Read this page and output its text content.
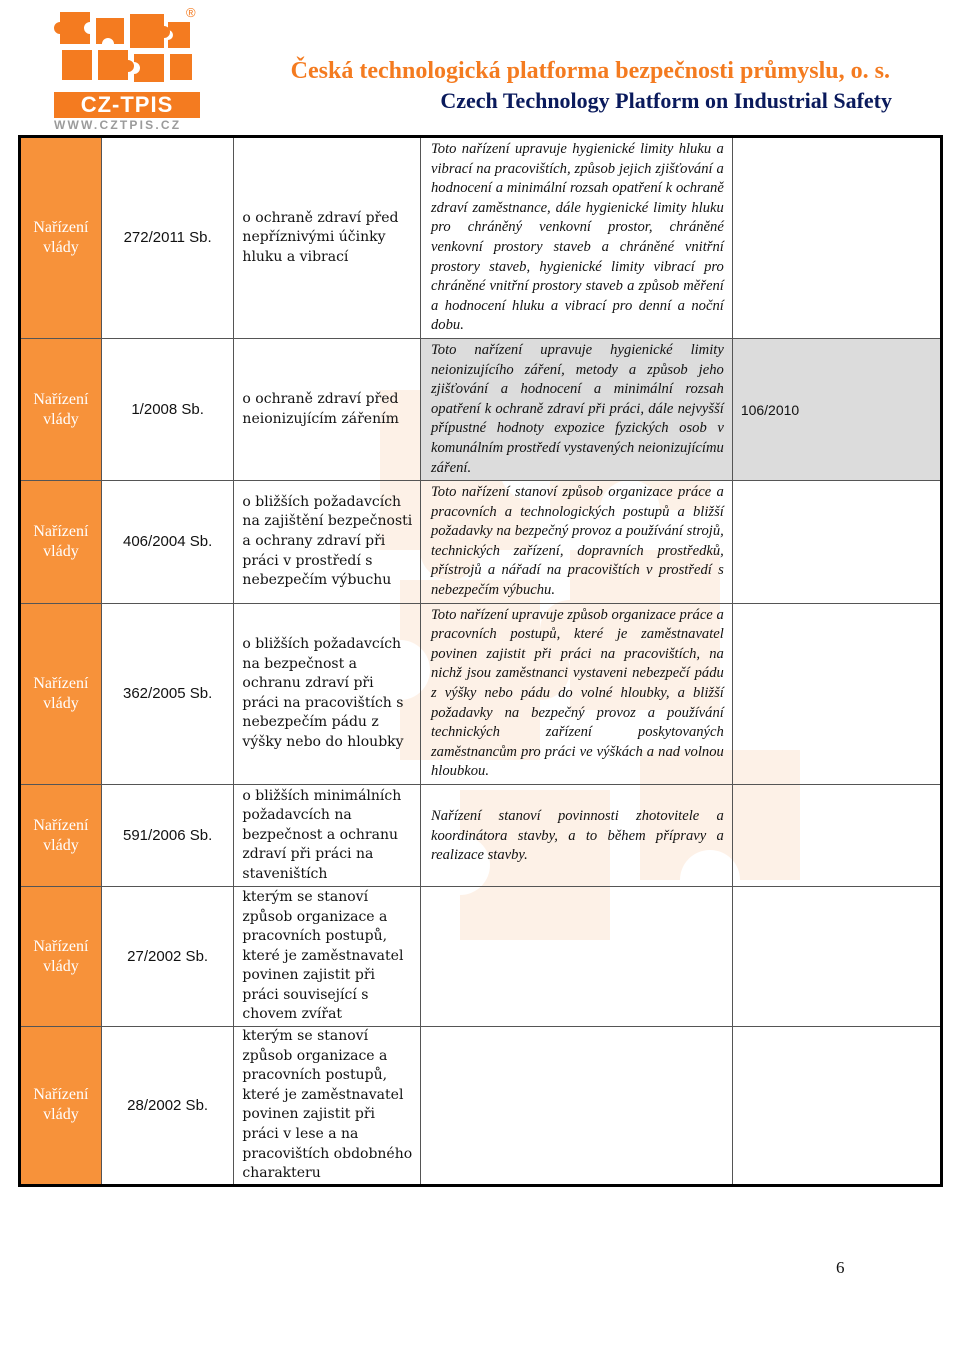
CZ-TPIS
WWW.CZTPIS.CZ
®
Česká technologická platforma bezpečnosti průmyslu, o. s.
Czech Technology Platform on Industrial Safety
Nařízení vlády	272/2011 Sb.	o ochraně zdraví před nepříznivými účinky hluku a vibrací	Toto nařízení upravuje hygienické limity hluku a vibrací na pracovištích, způsob jejich zjišťování a hodnocení a minimální rozsah opatření k ochraně zdraví zaměstnance, dále hygienické limity hluku pro chráněný venkovní prostor, chráněné venkovní prostory staveb a chráněné vnitřní prostory staveb, hygienické limity vibrací pro chráněné vnitřní prostory staveb a způsob měření a hodnocení hluku a vibrací pro denní a noční dobu.	
Nařízení vlády	1/2008 Sb.	o ochraně zdraví před neionizujícím zářením	Toto nařízení upravuje hygienické limity neionizujícího záření, metody a způsob jeho zjišťování a hodnocení a minimální rozsah opatření k ochraně zdraví při práci, dále nejvyšší přípustné hodnoty expozice fyzických osob v komunálním prostředí vystavených neionizujícímu záření.	106/2010
Nařízení vlády	406/2004 Sb.	o bližších požadavcích na zajištění bezpečnosti a ochrany zdraví při práci v prostředí s nebezpečím výbuchu	Toto nařízení stanoví způsob organizace práce a pracovních a technologických postupů a bližší požadavky na bezpečný provoz a používání strojů, technických zařízení, dopravních prostředků, přístrojů a nářadí na pracovištích v prostředí s nebezpečím výbuchu.	
Nařízení vlády	362/2005 Sb.	o bližších požadavcích na bezpečnost a ochranu zdraví při práci na pracovištích s nebezpečím pádu z výšky nebo do hloubky	Toto nařízení upravuje způsob organizace práce a pracovních postupů, které je zaměstnavatel povinen zajistit při práci na pracovištích, na nichž jsou zaměstnanci vystaveni nebezpečí pádu z výšky nebo pádu do volné hloubky, a bližší požadavky na bezpečný provoz a používání technických zařízení poskytovaných zaměstnancům pro práci ve výškách a nad volnou hloubkou.	
Nařízení vlády	591/2006 Sb.	o bližších minimálních požadavcích na bezpečnost a ochranu zdraví při práci na staveništích	Nařízení stanoví povinnosti zhotovitele a koordinátora stavby, a to během přípravy a realizace stavby.	
Nařízení vlády	27/2002 Sb.	kterým se stanoví způsob organizace a pracovních postupů, které je zaměstnavatel povinen zajistit při práci související s chovem zvířat		
Nařízení vlády	28/2002 Sb.	kterým se stanoví způsob organizace a pracovních postupů, které je zaměstnavatel povinen zajistit při práci v lese a na pracovištích obdobného charakteru		
6
